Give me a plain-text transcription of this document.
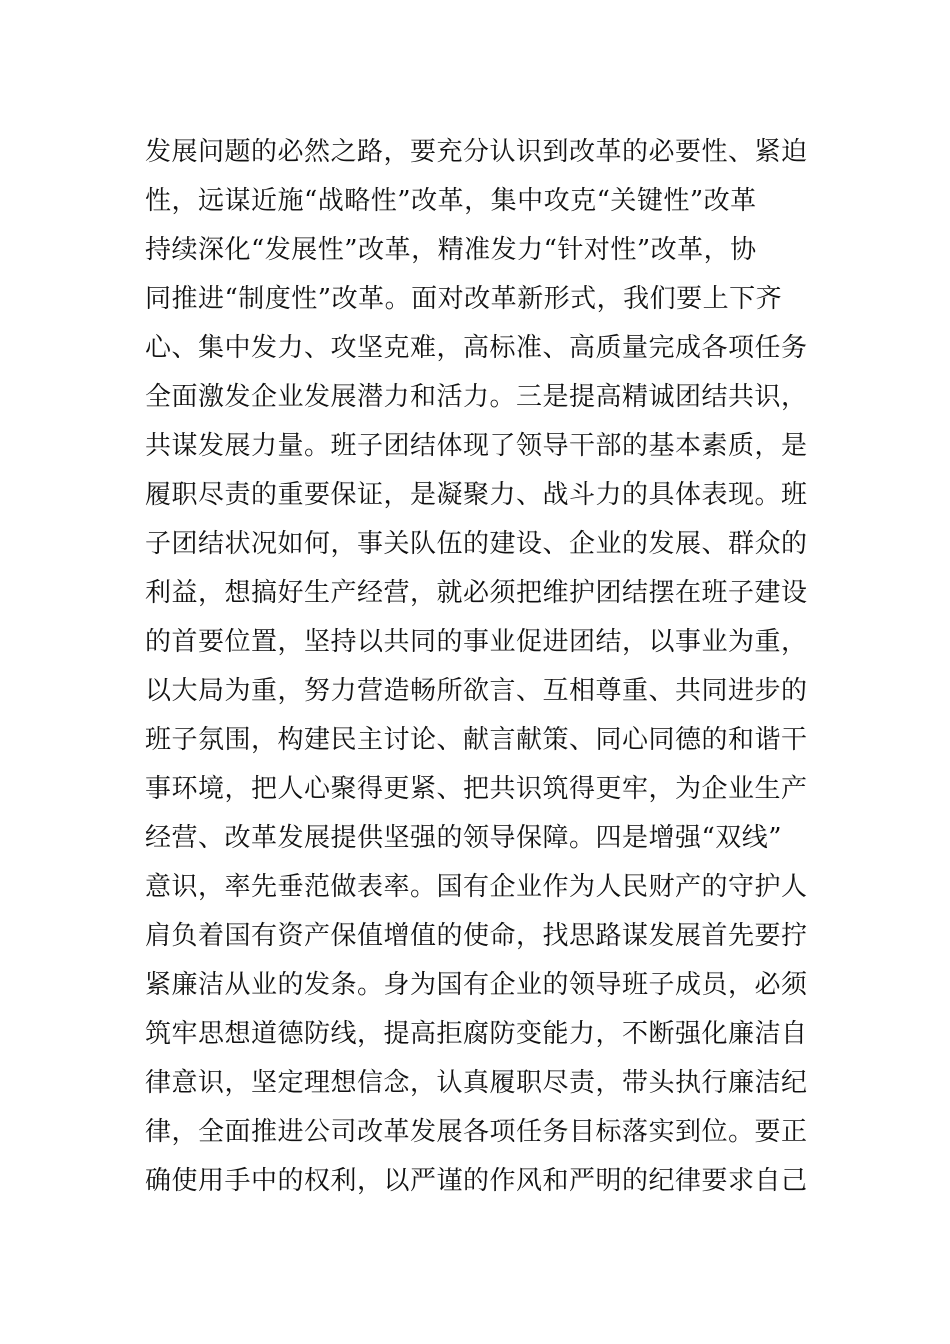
发展问题的必然之路，要充分认识到改革的必要性、紧迫
性，远谋近施“战略性”改革，集中攻克“关键性”改革
持续深化“发展性”改革，精准发力“针对性”改革，协
同推进“制度性”改革。面对改革新形式，我们要上下齐
心、集中发力、攻坚克难，高标准、高质量完成各项任务
全面激发企业发展潜力和活力。三是提高精诚团结共识，
共谋发展力量。班子团结体现了领导干部的基本素质，是
履职尽责的重要保证，是凝聚力、战斗力的具体表现。班
子团结状况如何，事关队伍的建设、企业的发展、群众的
利益，想搞好生产经营，就必须把维护团结摆在班子建设
的首要位置，坚持以共同的事业促进团结，以事业为重，
以大局为重，努力营造畅所欲言、互相尊重、共同进步的
班子氛围，构建民主讨论、献言献策、同心同德的和谐干
事环境，把人心聚得更紧、把共识筑得更牢，为企业生产
经营、改革发展提供坚强的领导保障。四是增强“双线”
意识，率先垂范做表率。国有企业作为人民财产的守护人
肩负着国有资产保值增值的使命，找思路谋发展首先要拧
紧廉洁从业的发条。身为国有企业的领导班子成员，必须
筑牢思想道德防线，提高拒腐防变能力，不断强化廉洁自
律意识，坚定理想信念，认真履职尽责，带头执行廉洁纪
律，全面推进公司改革发展各项任务目标落实到位。要正
确使用手中的权利，以严谨的作风和严明的纪律要求自己
